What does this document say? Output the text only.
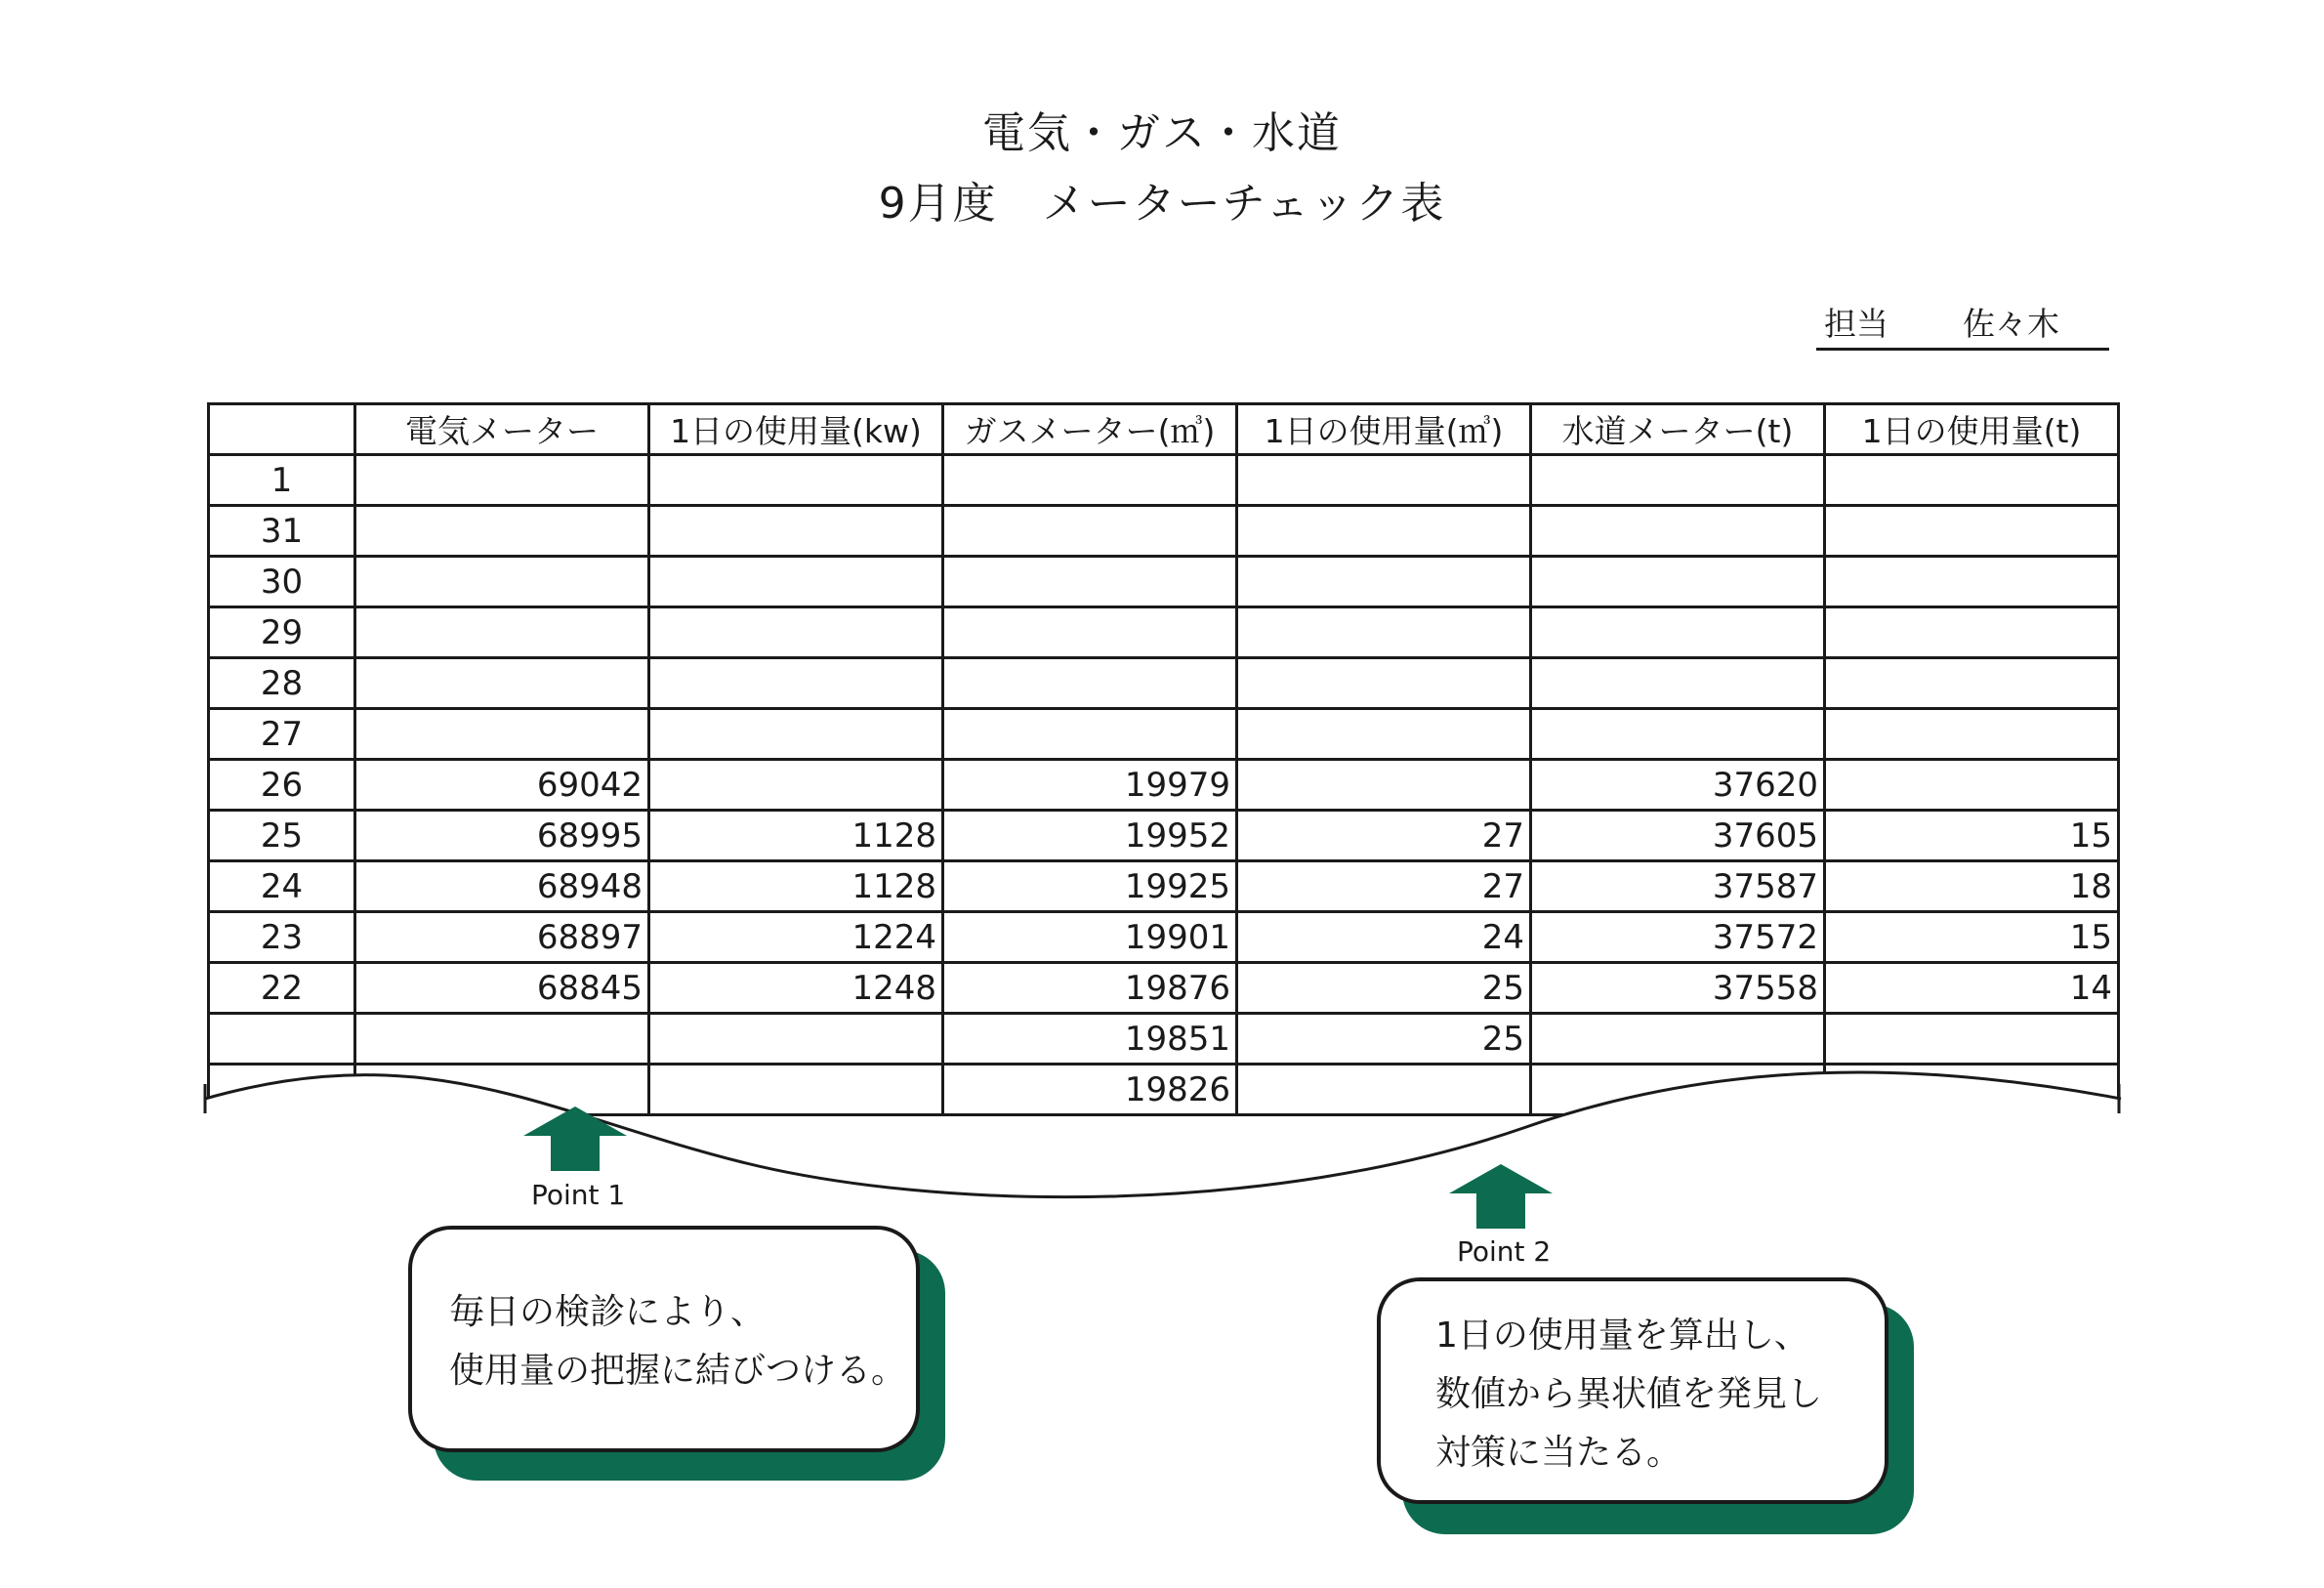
電気・ガス・水道
9月度　メーターチェック表
担当 佐々木
	電気メーター	1日の使用量(kw)	ガスメーター(㎥)	1日の使用量(㎥)	水道メーター(t)	1日の使用量(t)
1						
31						
30						
29						
28						
27						
26	69042		19979		37620	
25	68995	1128	19952	27	37605	15
24	68948	1128	19925	27	37587	18
23	68897	1224	19901	24	37572	15
22	68845	1248	19876	25	37558	14
			19851	25		
			19826			
Point 1
Point 2
毎日の検診により、
使用量の把握に結びつける。
1日の使用量を算出し、
数値から異状値を発見し
対策に当たる。
